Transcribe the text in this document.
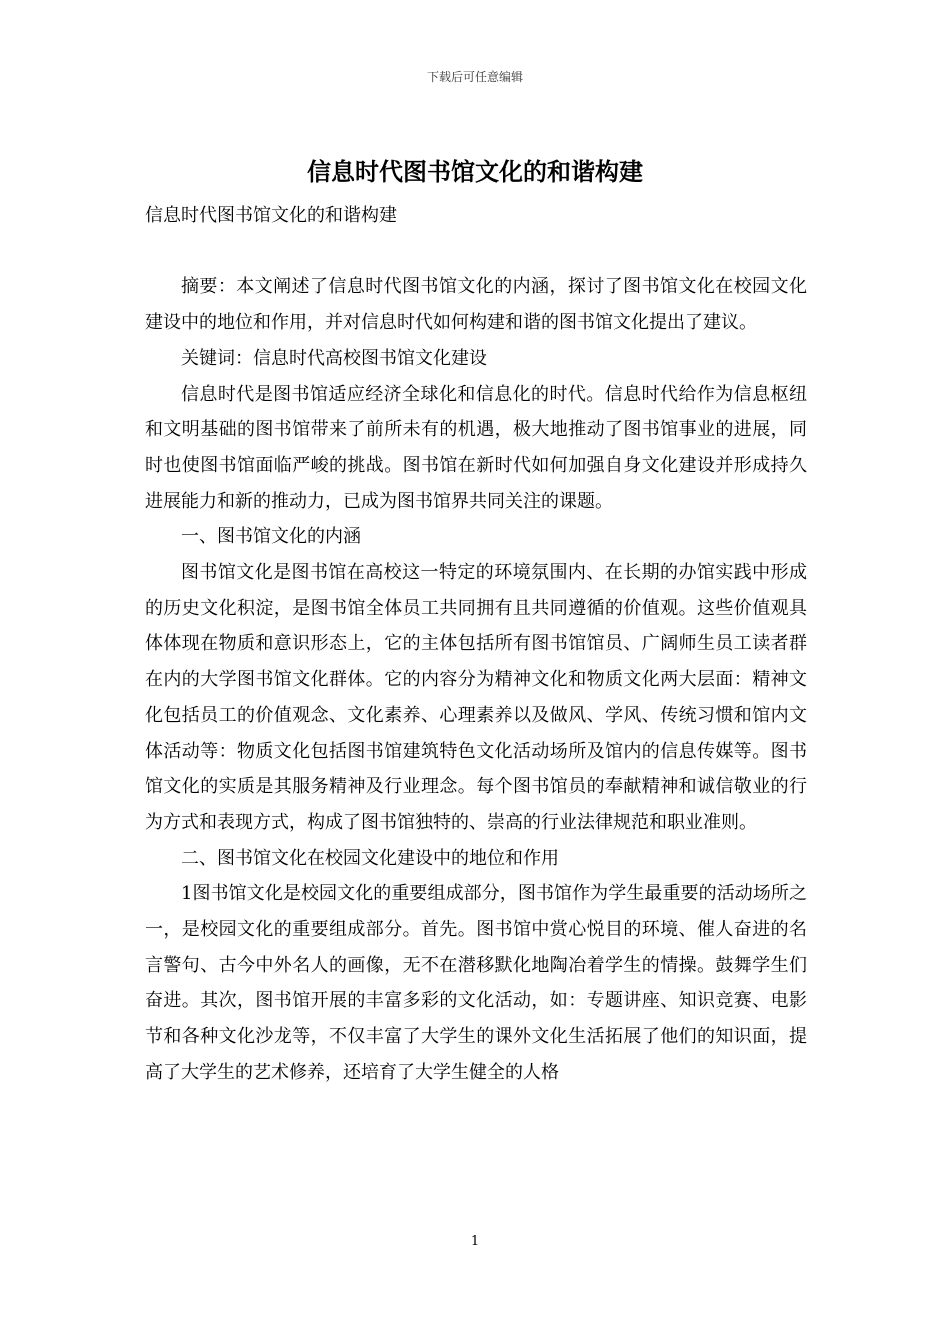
下载后可任意编辑
信息时代图书馆文化的和谐构建

信息时代图书馆文化的和谐构建

摘要：本文阐述了信息时代图书馆文化的内涵，探讨了图书馆文化在校园文化建设中的地位和作用，并对信息时代如何构建和谐的图书馆文化提出了建议。

关键词：信息时代高校图书馆文化建设

信息时代是图书馆适应经济全球化和信息化的时代。信息时代给作为信息枢纽和文明基础的图书馆带来了前所未有的机遇，极大地推动了图书馆事业的进展，同时也使图书馆面临严峻的挑战。图书馆在新时代如何加强自身文化建设并形成持久进展能力和新的推动力，已成为图书馆界共同关注的课题。

一、图书馆文化的内涵

图书馆文化是图书馆在高校这一特定的环境氛围内、在长期的办馆实践中形成的历史文化积淀，是图书馆全体员工共同拥有且共同遵循的价值观。这些价值观具体体现在物质和意识形态上，它的主体包括所有图书馆馆员、广阔师生员工读者群在内的大学图书馆文化群体。它的内容分为精神文化和物质文化两大层面：精神文化包括员工的价值观念、文化素养、心理素养以及做风、学风、传统习惯和馆内文体活动等：物质文化包括图书馆建筑特色文化活动场所及馆内的信息传媒等。图书馆文化的实质是其服务精神及行业理念。每个图书馆员的奉献精神和诚信敬业的行为方式和表现方式，构成了图书馆独特的、崇高的行业法律规范和职业准则。

二、图书馆文化在校园文化建设中的地位和作用

1图书馆文化是校园文化的重要组成部分，图书馆作为学生最重要的活动场所之一，是校园文化的重要组成部分。首先。图书馆中赏心悦目的环境、催人奋进的名言警句、古今中外名人的画像，无不在潜移默化地陶冶着学生的情操。鼓舞学生们奋进。其次，图书馆开展的丰富多彩的文化活动，如：专题讲座、知识竞赛、电影节和各种文化沙龙等，不仅丰富了大学生的课外文化生活拓展了他们的知识面，提高了大学生的艺术修养，还培育了大学生健全的人格

1
